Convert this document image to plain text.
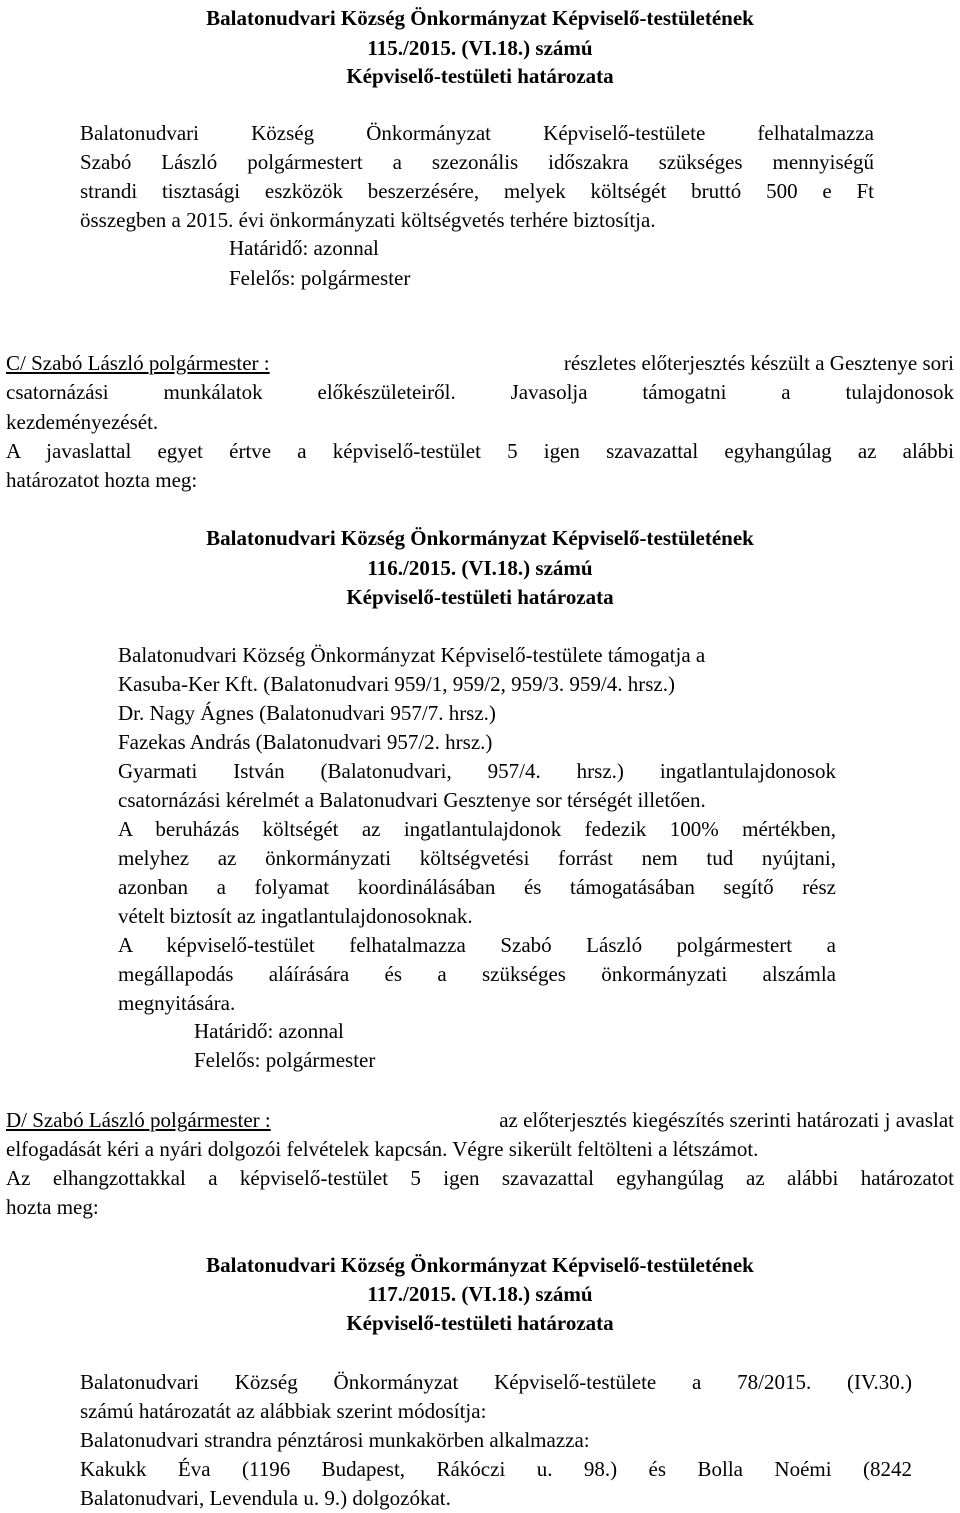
Balatonudvari Község Önkormányzat Képviselő-testületének
115./2015. (VI.18.) számú
Képviselő-testületi határozata
Balatonudvari Község Önkormányzat Képviselő-testülete felhatalmazza
Szabó László polgármestert a szezonális időszakra szükséges mennyiségű
strandi tisztasági eszközök beszerzésére, melyek költségét bruttó 500 e Ft
összegben a 2015. évi önkormányzati költségvetés terhére biztosítja.
Határidő: azonnal
Felelős: polgármester
C/ Szabó László polgármester :	részletes előterjesztés készült a Gesztenye sori
csatornázási munkálatok előkészületeiről. Javasolja támogatni a tulajdonosok
kezdeményezését.
A javaslattal egyet értve a képviselő-testület 5 igen szavazattal egyhangúlag az alábbi
határozatot hozta meg:
Balatonudvari Község Önkormányzat Képviselő-testületének
116./2015. (VI.18.) számú
Képviselő-testületi határozata
Balatonudvari Község Önkormányzat Képviselő-testülete támogatja a
Kasuba-Ker Kft. (Balatonudvari 959/1, 959/2, 959/3. 959/4. hrsz.)
Dr. Nagy Ágnes (Balatonudvari 957/7. hrsz.)
Fazekas András (Balatonudvari 957/2. hrsz.)
Gyarmati István (Balatonudvari, 957/4. hrsz.) ingatlantulajdonosok
csatornázási kérelmét a Balatonudvari Gesztenye sor térségét illetően.
A beruházás költségét az ingatlantulajdonok fedezik 100% mértékben,
melyhez az önkormányzati költségvetési forrást nem tud nyújtani,
azonban a folyamat koordinálásában és támogatásában segítő rész
vételt biztosít az ingatlantulajdonosoknak.
A képviselő-testület felhatalmazza Szabó László polgármestert a
megállapodás aláírására és a szükséges önkormányzati alszámla
megnyitására.
Határidő: azonnal
Felelős: polgármester
D/ Szabó László polgármester :	az előterjesztés kiegészítés szerinti határozati j avaslat
elfogadását kéri a nyári dolgozói felvételek kapcsán. Végre sikerült feltölteni a létszámot.
Az elhangzottakkal a képviselő-testület 5 igen szavazattal egyhangúlag az alábbi határozatot
hozta meg:
Balatonudvari Község Önkormányzat Képviselő-testületének
117./2015. (VI.18.) számú
Képviselő-testületi határozata
Balatonudvari Község Önkormányzat Képviselő-testülete a 78/2015. (IV.30.)
számú határozatát az alábbiak szerint módosítja:
Balatonudvari strandra pénztárosi munkakörben alkalmazza:
Kakukk Éva (1196 Budapest, Rákóczi u. 98.) és Bolla Noémi (8242
Balatonudvari, Levendula u. 9.) dolgozókat.
